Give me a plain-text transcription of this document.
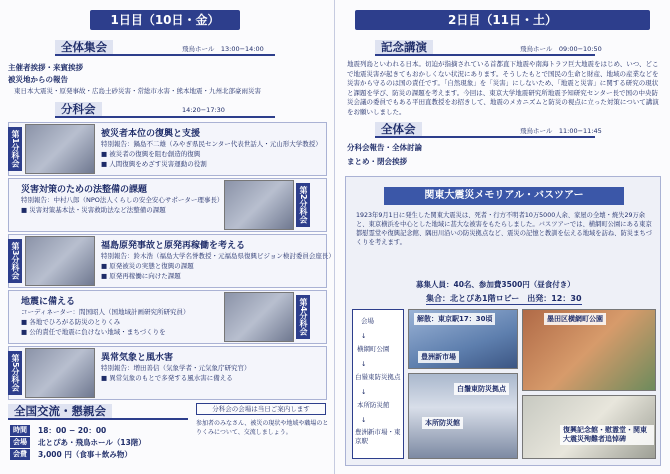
1日目（10日・金）
全体集会	飛鳥ホール　13:00−14:00
主催者挨拶・来賓挨拶
被災地からの報告
東日本大震災・原発事故・広島土砂災害・常総市水害・熊本地震・九州北部豪雨災害
分科会	14:20−17:30
第1分科会	被災者本位の復興と支援
特別報告：鍋島不二雄（みやぎ県民センター代表世話人・元山形大学教授）
■ 被災者の復興を阻む創造的復興
■ 人間復興をめざす災害運動の役割
災害対策のための法整備の課題
特別報告：中村八郎（NPO法人くらしの安全安心サポーター理事長）
■ 災害対策基本法・災害救助法など法整備の課題	第2分科会
第3分科会	福島原発事故と原発再稼働を考える
特別報告：鈴木浩（福島大学名誉教授・元福島県復興ビジョン検討委員会座長）
■ 原発被災の実態と復興の課題
■ 原発再稼働に向けた課題
地震に備える
コーディネーター：間国昭人（国地域計画研究所研究員）
■ 各地でひろがる防災のとりくみ
■ 公的責任で地震に負けない地域・まちづくりを	第4分科会
第5分科会	異常気象と風水害
特別報告：増田善信（気象学者・元気象庁研究官）
■ 異常気象のもとで多発する風水害に備える
全国交流・懇親会
時間	18：00 − 20：00
会場	北とぴあ・飛鳥ホール（13階）
会費	3,000 円（食事＋飲み物）
分科会の会場は当日ご案内します
参加者のみなさん、被災の現状や地域や職場のとりくみについて、交流しましょう。
2日目（11日・土）
記念講演	飛鳥ホール　09:00−10:50
地震列島といわれる日本。切迫が指摘されている首都直下地震や南海トラフ巨大地震をはじめ、いつ、どこで地震災害が起きてもおかしくない状況にあります。そうしたもとで国民の生命と財産、地域の産業などを災害から守るのは国の責任です。「自然現象」を「災害」にしないため、「地震と災害」に関する研究の現状と課題を学び、防災の課題を考えます。今回は、東京大学地震研究所地震予知研究センター長で国の中央防災会議の委員でもある平田直教授をお招きして、地震のメカニズムと防災の視点に立った対策について講演をお願いしました。
全体会	飛鳥ホール　11:00−11:45
分科会報告・全体討論
まとめ・閉会挨拶
関東大震災メモリアル・バスツアー
1923年9月1日に発生した関東大震災は、死者・行方不明者10万5000人余、家屋の全壊・焼失29万余と、東京横浜を中心とした地域に甚大な被害をもたらしました。バスツアーでは、横網町公園にある東京都慰霊堂や復興記念館、隅田川沿いの防災拠点など、震災の記憶と教訓を伝える地域を訪ね、防災まちづくりを考えます。
募集人員：40名、参加費3500円（昼食付き）
集合：北とぴあ1階ロビー　出発：12：30
会場
↓
横網町公園
↓
白鬚東防災拠点
↓
本所防災館
↓
豊洲新市場・東京駅
解散：東京駅17：30頃
豊洲新市場
墨田区横網町公園
白鬚東防災拠点
本所防災館
復興記念館・慰霊堂・関東大震災殉難者追悼碑
